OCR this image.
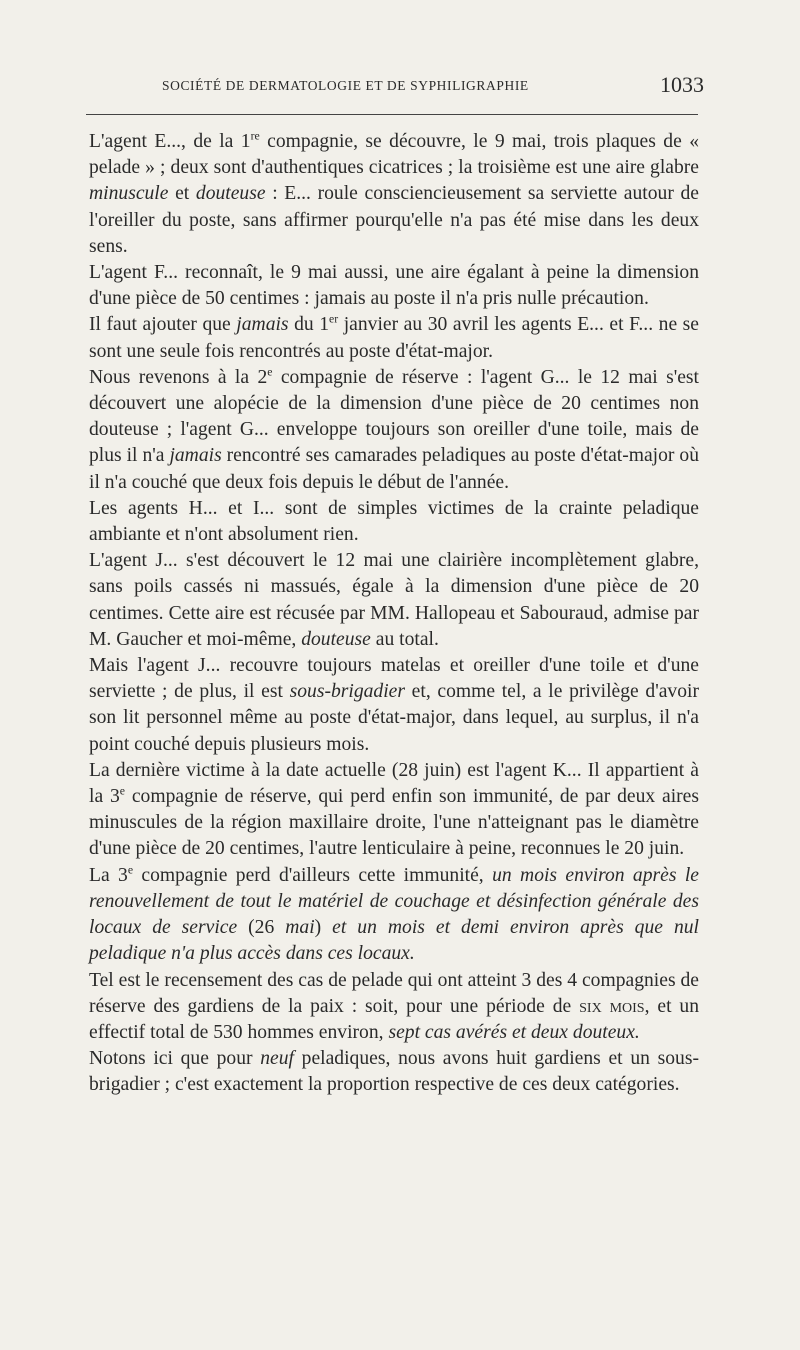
SOCIÉTÉ DE DERMATOLOGIE ET DE SYPHILIGRAPHIE	1033

L'agent E..., de la 1re compagnie, se découvre, le 9 mai, trois plaques de « pelade » ; deux sont d'authentiques cicatrices ; la troisième est une aire glabre minuscule et douteuse : E... roule consciencieusement sa serviette autour de l'oreiller du poste, sans affirmer pourqu'elle n'a pas été mise dans les deux sens.

L'agent F... reconnaît, le 9 mai aussi, une aire égalant à peine la dimension d'une pièce de 50 centimes : jamais au poste il n'a pris nulle précaution.

Il faut ajouter que jamais du 1er janvier au 30 avril les agents E... et F... ne se sont une seule fois rencontrés au poste d'état-major.

Nous revenons à la 2e compagnie de réserve : l'agent G... le 12 mai s'est découvert une alopécie de la dimension d'une pièce de 20 centimes non douteuse ; l'agent G... enveloppe toujours son oreiller d'une toile, mais de plus il n'a jamais rencontré ses camarades peladiques au poste d'état-major où il n'a couché que deux fois depuis le début de l'année.

Les agents H... et I... sont de simples victimes de la crainte peladique ambiante et n'ont absolument rien.

L'agent J... s'est découvert le 12 mai une clairière incomplètement glabre, sans poils cassés ni massués, égale à la dimension d'une pièce de 20 centimes. Cette aire est récusée par MM. Hallopeau et Sabouraud, admise par M. Gaucher et moi-même, douteuse au total.

Mais l'agent J... recouvre toujours matelas et oreiller d'une toile et d'une serviette ; de plus, il est sous-brigadier et, comme tel, a le privilège d'avoir son lit personnel même au poste d'état-major, dans lequel, au surplus, il n'a point couché depuis plusieurs mois.

La dernière victime à la date actuelle (28 juin) est l'agent K... Il appartient à la 3e compagnie de réserve, qui perd enfin son immunité, de par deux aires minuscules de la région maxillaire droite, l'une n'atteignant pas le diamètre d'une pièce de 20 centimes, l'autre lenticulaire à peine, reconnues le 20 juin.

La 3e compagnie perd d'ailleurs cette immunité, un mois environ après le renouvellement de tout le matériel de couchage et désinfection générale des locaux de service (26 mai) et un mois et demi environ après que nul peladique n'a plus accès dans ces locaux.

Tel est le recensement des cas de pelade qui ont atteint 3 des 4 compagnies de réserve des gardiens de la paix : soit, pour une période de six mois, et un effectif total de 530 hommes environ, sept cas avérés et deux douteux.

Notons ici que pour neuf peladiques, nous avons huit gardiens et un sous-brigadier ; c'est exactement la proportion respective de ces deux catégories.
